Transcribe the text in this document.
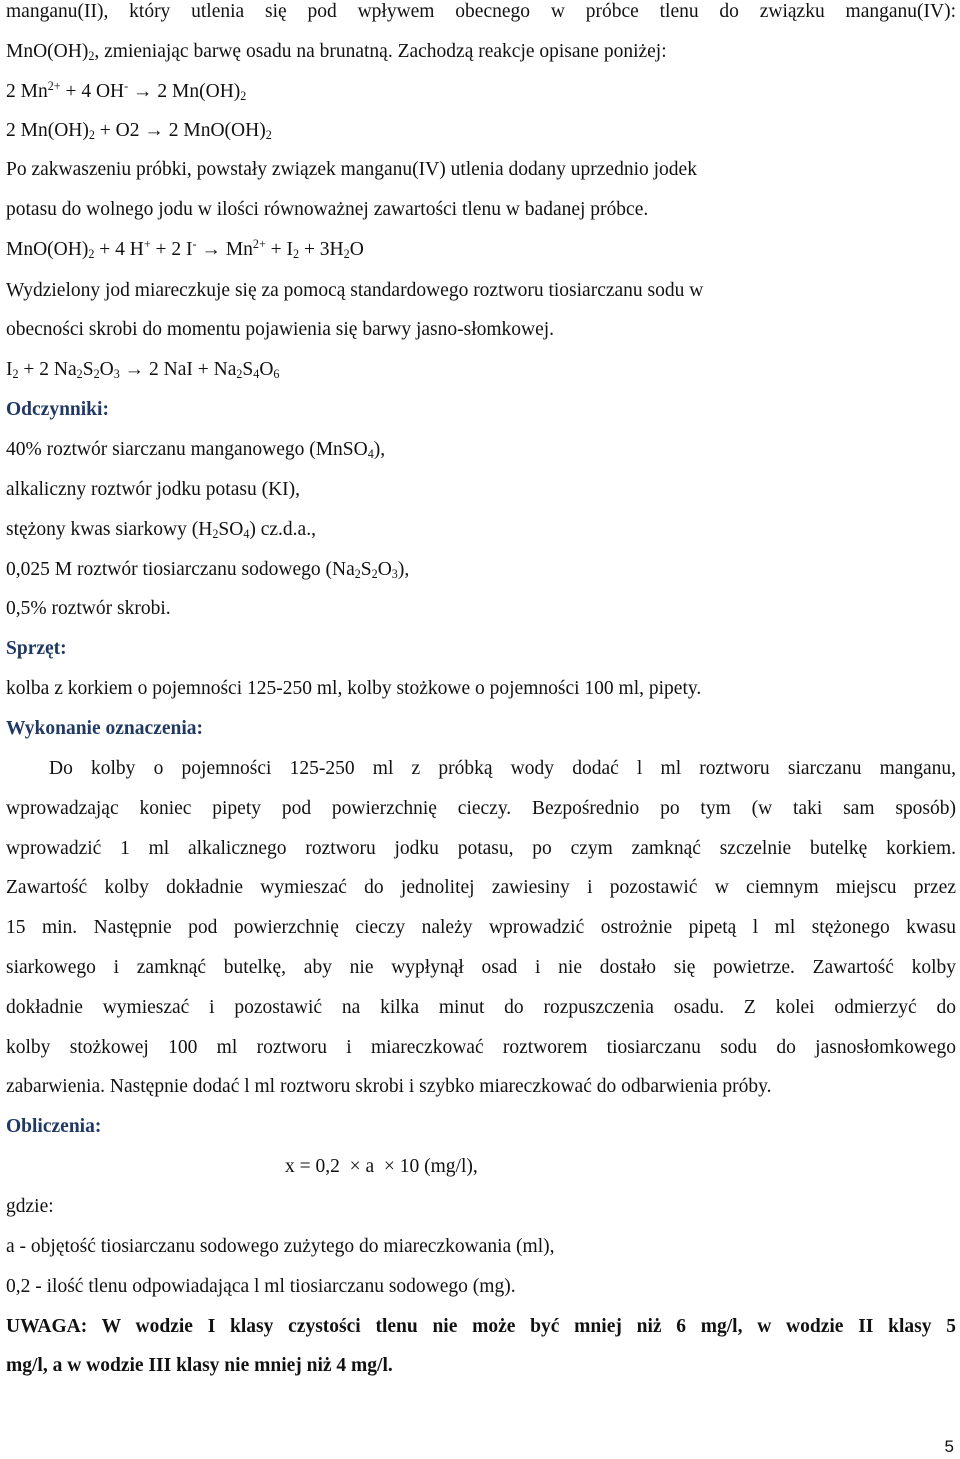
manganu(II), który utlenia się pod wpływem obecnego w próbce tlenu do związku manganu(IV):

$MnO(OH)_2$, zmieniając barwę osadu na brunatną. Zachodzą reakcje opisane poniżej:

2 $Mn^{2+} + 4$ OH- → 2 $Mn(OH)_2$

2 $Mn(OH)_2 + O2 \to 2$ $MnO(OH)_2$

Po zakwaszeniu próbki, powstały związek manganu(IV) utlenia dodany uprzednio jodek

potasu do wolnego jodu w ilości równoważnej zawartości tlenu w badanej próbce.

$MnO(OH)_2 + 4$ H+ + 2 $I^- \to Mn^{2+} + I_2 + 3H_2O$

Wydzielony jod miareczkuje się za pomocą standardowego roztworu tiosiarczanu sodu w

obecności skrobi do momentu pojawienia się barwy jasno-słomkowej.

$I_2 + 2$ $Na_2S_2O_3 \to 2$ NaI + $Na_2S_4O_6$

Odczynniki:

40% roztwór siarczanu manganowego (MnSO$_4$),

alkaliczny roztwór jodku potasu (KI),

stężony kwas siarkowy $(H_2SO_4)$ cz.d.a.,

0,025 M roztwór tiosiarczanu sodowego $(Na_2S_2O_3)$,

0,5% roztwór skrobi.

Sprzęt:

kolba z korkiem o pojemności 125-250 ml, kolby stożkowe o pojemności 100 ml, pipety.

Wykonanie oznaczenia:

Do kolby o pojemności 125-250 ml z próbką wody dodać l ml roztworu siarczanu manganu,

wprowadzając koniec pipety pod powierzchnię cieczy. Bezpośrednio po tym (w taki sam sposób)

wprowadzić 1 ml alkalicznego roztworu jodku potasu, po czym zamknąć szczelnie butelkę korkiem.

Zawartość kolby dokładnie wymieszać do jednolitej zawiesiny i pozostawić w ciemnym miejscu przez

15 min. Następnie pod powierzchnię cieczy należy wprowadzić ostrożnie pipetą l ml stężonego kwasu

siarkowego i zamknąć butelkę, aby nie wypłynął osad i nie dostało się powietrze. Zawartość kolby

dokładnie wymieszać i pozostawić na kilka minut do rozpuszczenia osadu. Z kolei odmierzyć do

kolby stożkowej 100 ml roztworu i miareczkować roztworem tiosiarczanu sodu do jasnosłomkowego

zabarwienia. Następnie dodać l ml roztworu skrobi i szybko miareczkować do odbarwienia próby.

Obliczenia:

x = 0,2  × a  × 10 (mg/l),

gdzie:

a - objętość tiosiarczanu sodowego zużytego do miareczkowania (ml),

0,2 - ilość tlenu odpowiadająca l ml tiosiarczanu sodowego (mg).

UWAGA: W wodzie I klasy czystości tlenu nie może być mniej niż 6 mg/l, w wodzie II klasy 5

mg/l, a w wodzie III klasy nie mniej niż 4 mg/l.

5
